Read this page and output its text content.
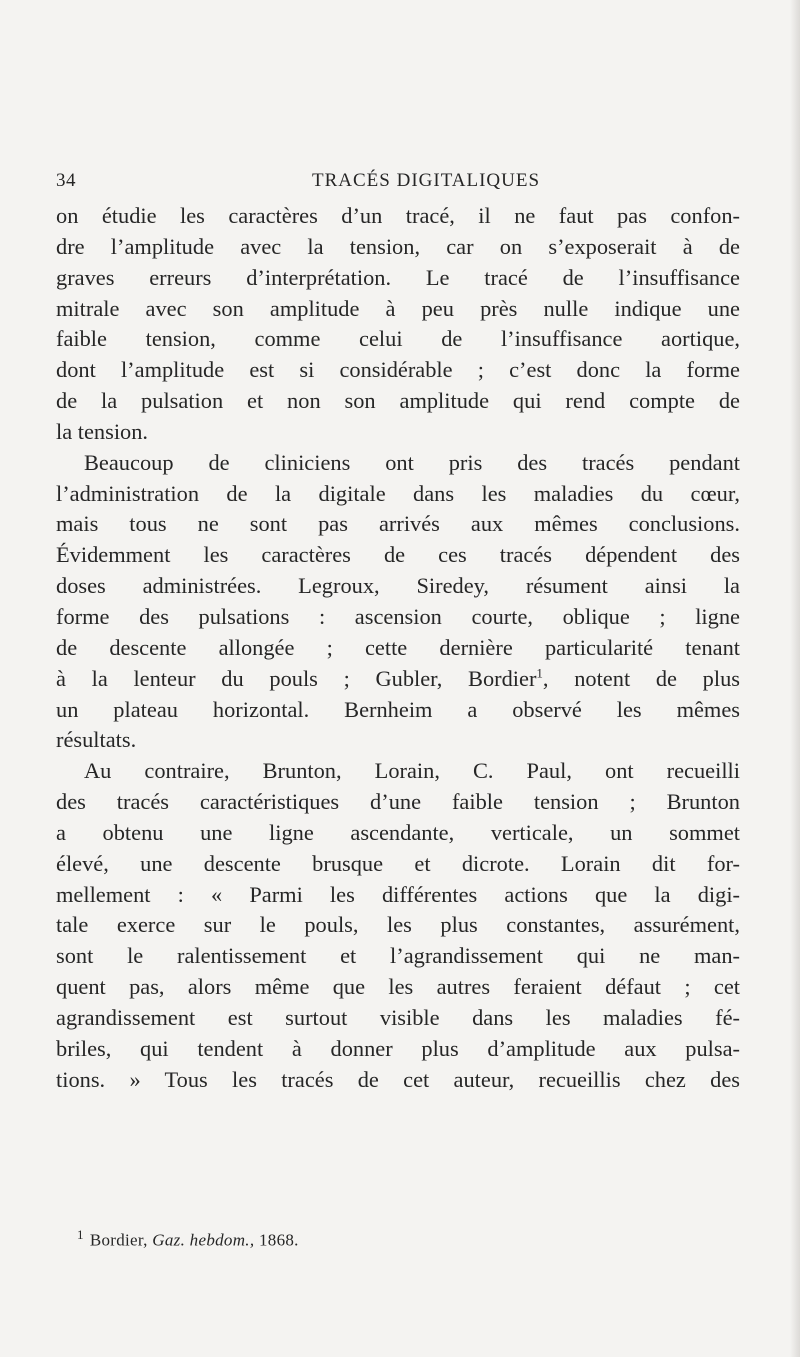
34	TRACÉS DIGITALIQUES

on étudie les caractères d’un tracé, il ne faut pas confon-
dre l’amplitude avec la tension, car on s’exposerait à de
graves erreurs d’interprétation. Le tracé de l’insuffisance
mitrale avec son amplitude à peu près nulle indique une
faible tension, comme celui de l’insuffisance aortique,
dont l’amplitude est si considérable ; c’est donc la forme
de la pulsation et non son amplitude qui rend compte de
la tension.

Beaucoup de cliniciens ont pris des tracés pendant
l’administration de la digitale dans les maladies du cœur,
mais tous ne sont pas arrivés aux mêmes conclusions.
Évidemment les caractères de ces tracés dépendent des
doses administrées. Legroux, Siredey, résument ainsi la
forme des pulsations : ascension courte, oblique ; ligne
de descente allongée ; cette dernière particularité tenant
à la lenteur du pouls ; Gubler, Bordier$^1$, notent de plus
un plateau horizontal. Bernheim a observé les mêmes
résultats.

Au contraire, Brunton, Lorain, C. Paul, ont recueilli
des tracés caractéristiques d’une faible tension ; Brunton
a obtenu une ligne ascendante, verticale, un sommet
élevé, une descente brusque et dicrote. Lorain dit for-
mellement : « Parmi les différentes actions que la digi-
tale exerce sur le pouls, les plus constantes, assurément,
sont le ralentissement et l’agrandissement qui ne man-
quent pas, alors même que les autres feraient défaut ; cet
agrandissement est surtout visible dans les maladies fé-
briles, qui tendent à donner plus d’amplitude aux pulsa-
tions. » Tous les tracés de cet auteur, recueillis chez des

$^1$ Bordier, Gaz. hebdom., 1868.
